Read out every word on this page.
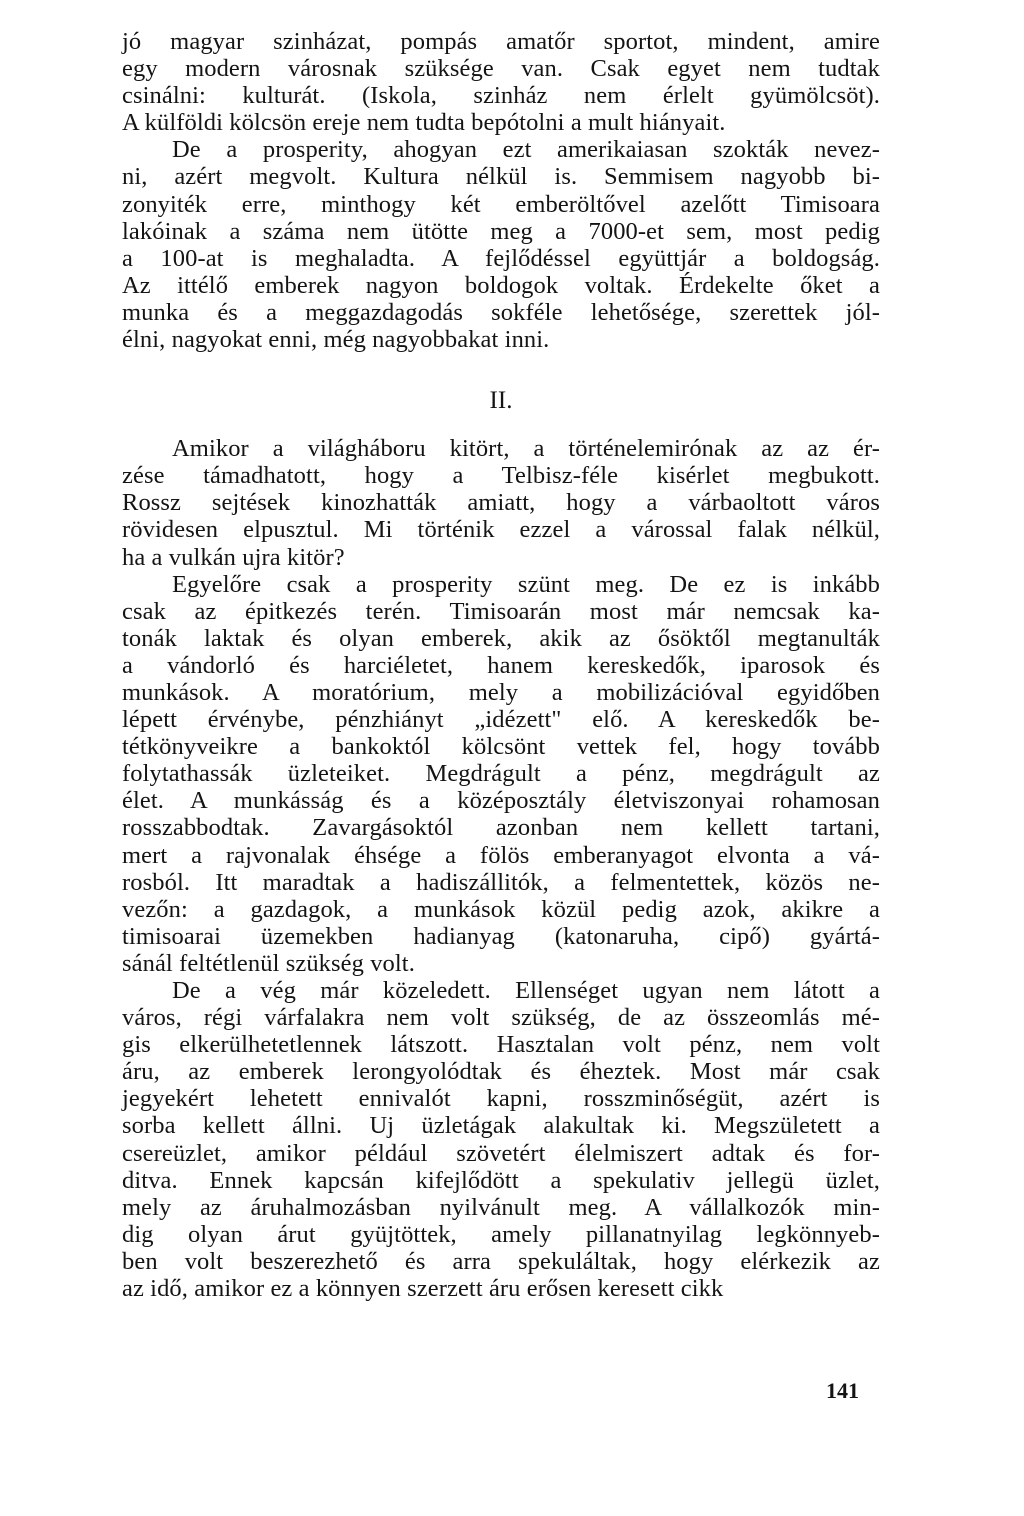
jó magyar szinházat, pompás amatőr sportot, mindent, amire
egy modern városnak szüksége van. Csak egyet nem tudtak
csinálni: kulturát. (Iskola, szinház nem érlelt gyümölcsöt).
A külföldi kölcsön ereje nem tudta bepótolni a mult hiányait.
De a prosperity, ahogyan ezt amerikaiasan szokták nevez-
ni, azért megvolt. Kultura nélkül is. Semmisem nagyobb bi-
zonyiték erre, minthogy két emberöltővel azelőtt Timisoara
lakóinak a száma nem ütötte meg a 7000-et sem, most pedig
a 100-at is meghaladta. A fejlődéssel együttjár a boldogság.
Az ittélő emberek nagyon boldogok voltak. Érdekelte őket a
munka és a meggazdagodás sokféle lehetősége, szerettek jól-
élni, nagyokat enni, még nagyobbakat inni.
II.
Amikor a világháboru kitört, a történelemirónak az az ér-
zése támadhatott, hogy a Telbisz-féle kisérlet megbukott.
Rossz sejtések kinozhatták amiatt, hogy a várbaoltott város
rövidesen elpusztul. Mi történik ezzel a várossal falak nélkül,
ha a vulkán ujra kitör?
Egyelőre csak a prosperity szünt meg. De ez is inkább
csak az épitkezés terén. Timisoarán most már nemcsak ka-
tonák laktak és olyan emberek, akik az ősöktől megtanulták
a vándorló és harciéletet, hanem kereskedők, iparosok és
munkások. A moratórium, mely a mobilizációval egyidőben
lépett érvénybe, pénzhiányt „idézett" elő. A kereskedők be-
tétkönyveikre a bankoktól kölcsönt vettek fel, hogy tovább
folytathassák üzleteiket. Megdrágult a pénz, megdrágult az
élet. A munkásság és a középosztály életviszonyai rohamosan
rosszabbodtak. Zavargásoktól azonban nem kellett tartani,
mert a rajvonalak éhsége a fölös emberanyagot elvonta a vá-
rosból. Itt maradtak a hadiszállitók, a felmentettek, közös ne-
vezőn: a gazdagok, a munkások közül pedig azok, akikre a
timisoarai üzemekben hadianyag (katonaruha, cipő) gyártá-
sánál feltétlenül szükség volt.
De a vég már közeledett. Ellenséget ugyan nem látott a
város, régi várfalakra nem volt szükség, de az összeomlás mé-
gis elkerülhetetlennek látszott. Hasztalan volt pénz, nem volt
áru, az emberek lerongyolódtak és éheztek. Most már csak
jegyekért lehetett ennivalót kapni, rosszminőségüt, azért is
sorba kellett állni. Uj üzletágak alakultak ki. Megszületett a
csereüzlet, amikor például szövetért élelmiszert adtak és for-
ditva. Ennek kapcsán kifejlődött a spekulativ jellegü üzlet,
mely az áruhalmozásban nyilvánult meg. A vállalkozók min-
dig olyan árut gyüjtöttek, amely pillanatnyilag legkönnyeb-
ben volt beszerezhető és arra spekuláltak, hogy elérkezik az
az idő, amikor ez a könnyen szerzett áru erősen keresett cikk
141
